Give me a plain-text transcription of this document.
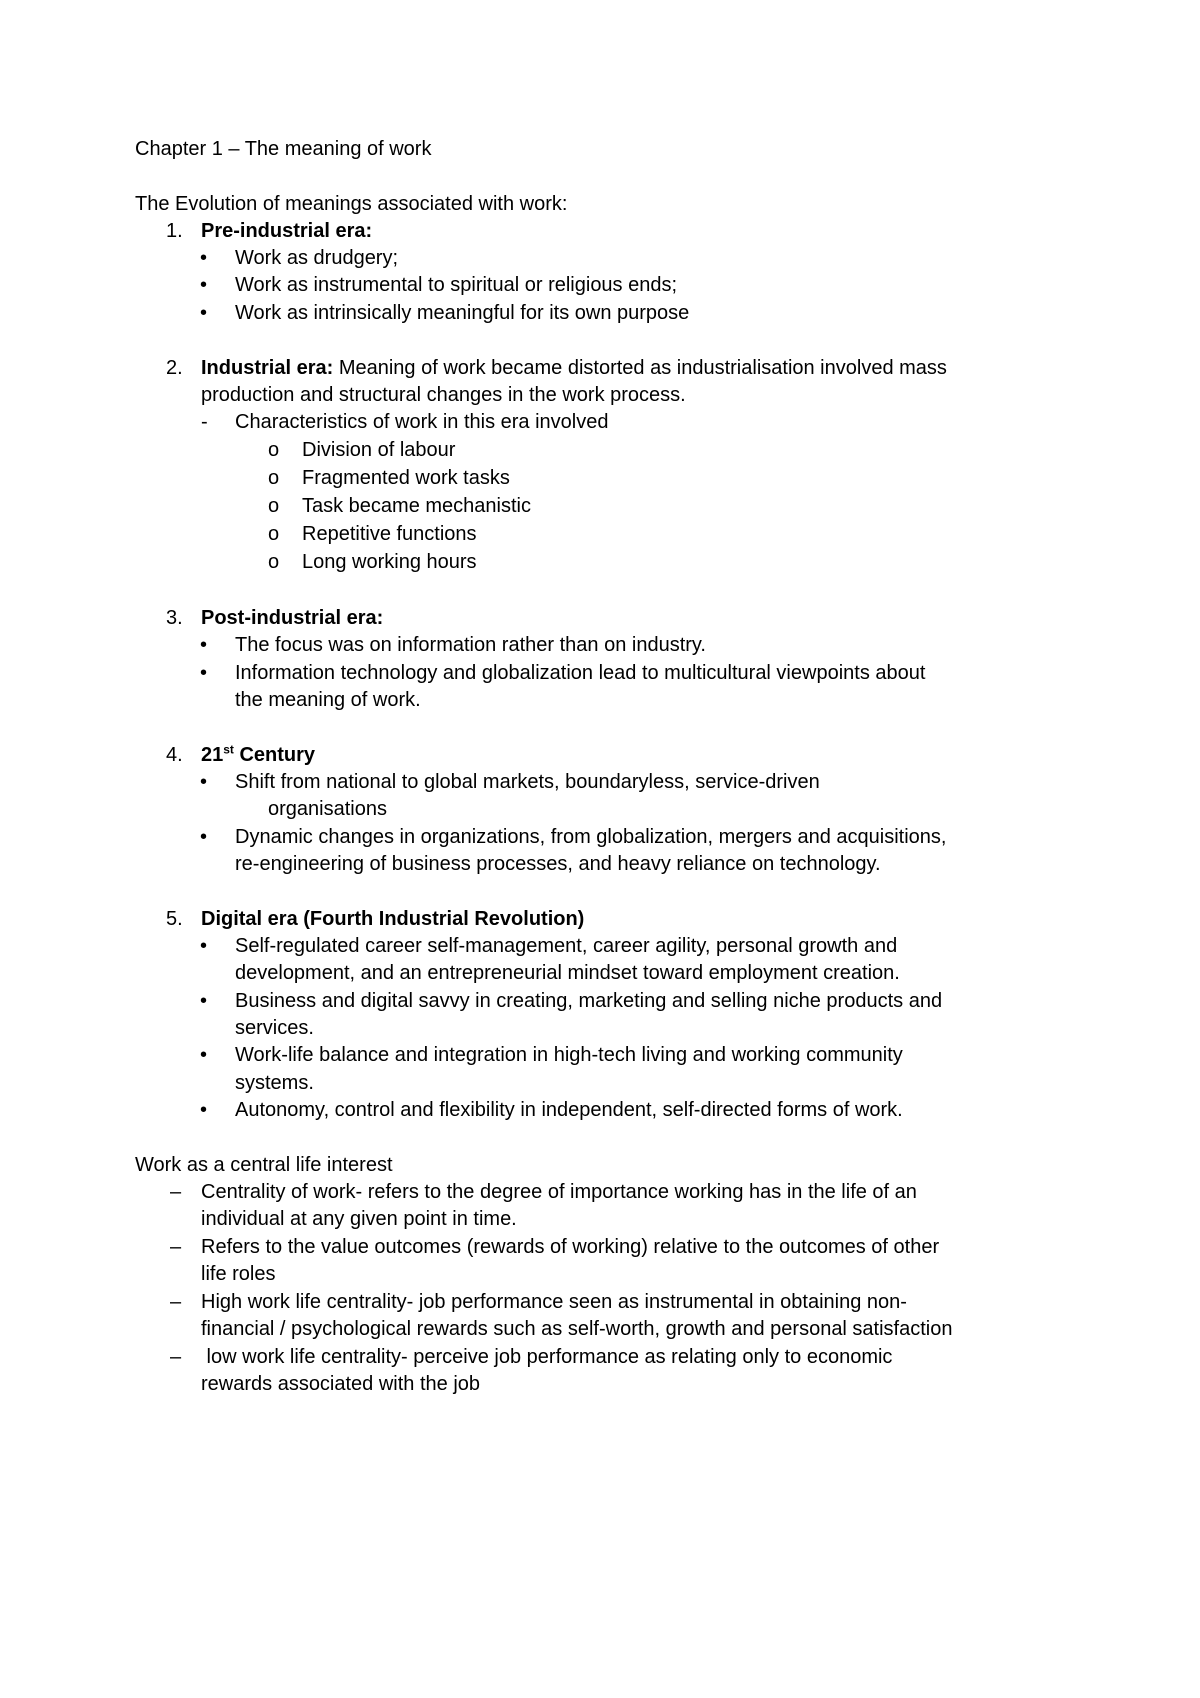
Chapter 1 – The meaning of work
The Evolution of meanings associated with work:
1. Pre-industrial era:
• Work as drudgery;
• Work as instrumental to spiritual or religious ends;
• Work as intrinsically meaningful for its own purpose
2. Industrial era: Meaning of work became distorted as industrialisation involved mass
production and structural changes in the work process.
- Characteristics of work in this era involved
o Division of labour
o Fragmented work tasks
o Task became mechanistic
o Repetitive functions
o Long working hours
3. Post-industrial era:
• The focus was on information rather than on industry.
• Information technology and globalization lead to multicultural viewpoints about
the meaning of work.
4. 21st Century
• Shift from national to global markets, boundaryless, service-driven
organisations
• Dynamic changes in organizations, from globalization, mergers and acquisitions,
re-engineering of business processes, and heavy reliance on technology.
5. Digital era (Fourth Industrial Revolution)
• Self-regulated career self-management, career agility, personal growth and
development, and an entrepreneurial mindset toward employment creation.
• Business and digital savvy in creating, marketing and selling niche products and
services.
• Work-life balance and integration in high-tech living and working community
systems.
• Autonomy, control and flexibility in independent, self-directed forms of work.
Work as a central life interest
– Centrality of work- refers to the degree of importance working has in the life of an
individual at any given point in time.
– Refers to the value outcomes (rewards of working) relative to the outcomes of other
life roles
– High work life centrality- job performance seen as instrumental in obtaining non-
financial / psychological rewards such as self-worth, growth and personal satisfaction
– low work life centrality- perceive job performance as relating only to economic
rewards associated with the job
